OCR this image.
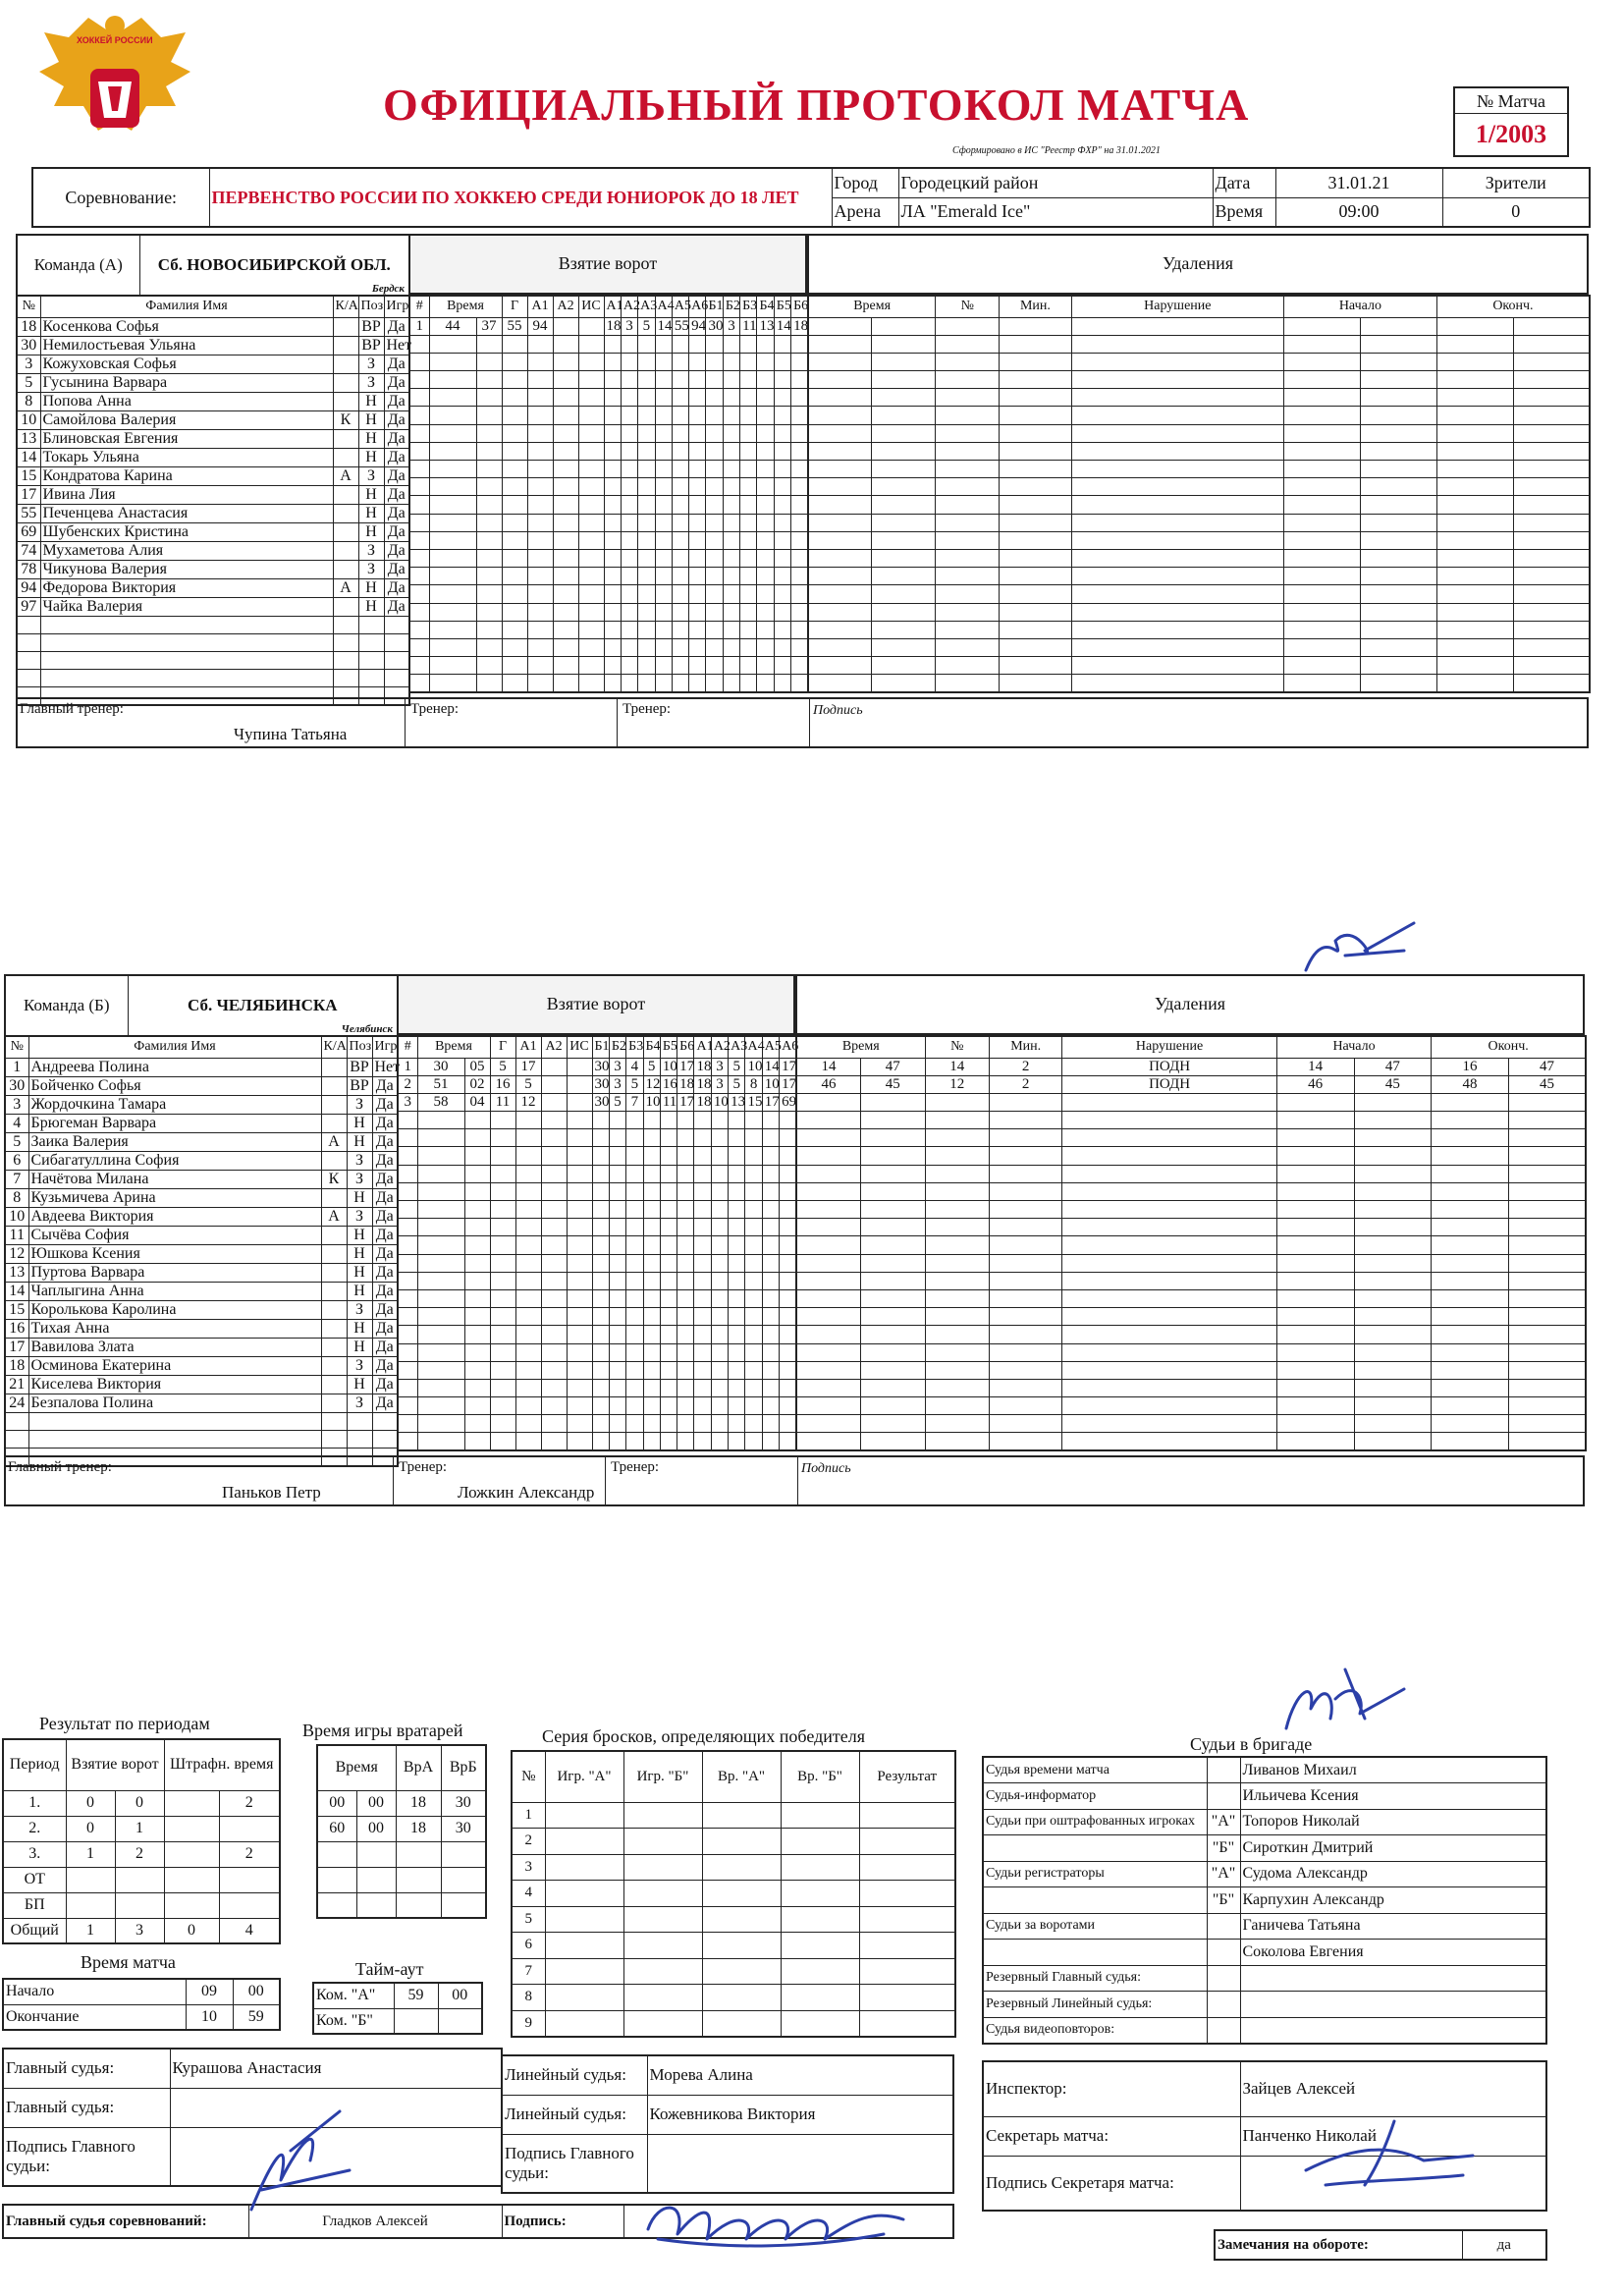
ХОККЕЙ РОССИИ
ОФИЦИАЛЬНЫЙ ПРОТОКОЛ МАТЧА
Сформировано в ИС "Реестр ФХР" на 31.01.2021
№ Матча
1/2003
Соревнование:	ПЕРВЕНСТВО РОССИИ ПО ХОККЕЮ СРЕДИ ЮНИОРОК ДО 18 ЛЕТ	Город	Городецкий район	Дата	31.01.21	Зрители
		Арена	ЛА "Emerald Ice"	Время	09:00	0
Команда (А)	Сб. НОВОСИБИРСКОЙ ОБЛ.
Бердск
Взятие ворот	Удаления
№	Фамилия Имя	К/А	Поз	Игр
18	Косенкова Софья		ВР	Да
30	Немилостьевая Ульяна		ВР	Нет
3	Кожуховская Софья		З	Да
5	Гусынина Варвара		З	Да
8	Попова Анна		Н	Да
10	Самойлова Валерия	К	Н	Да
13	Блиновская Евгения		Н	Да
14	Токарь Ульяна		Н	Да
15	Кондратова Карина	А	З	Да
17	Ивина Лия		Н	Да
55	Печенцева Анастасия		Н	Да
69	Шубенских Кристина		Н	Да
74	Мухаметова Алия		З	Да
78	Чикунова Валерия		З	Да
94	Федорова Виктория	А	Н	Да
97	Чайка Валерия		Н	Да

#	Время		Г	А1	А2	ИС	А1	А2	А3	А4	А5	А6	Б1	Б2	Б3	Б4	Б5	Б6
1	44	37	55	94			18	3	5	14	55	94	30	3	11	13	14	18

Время		№	Мин.	Нарушение	Начало		Оконч.	

Главный тренер:
Чупина Татьяна
Тренер:	Тренер:	Подпись
Команда (Б)	Сб. ЧЕЛЯБИНСКА
Челябинск
Взятие ворот	Удаления
№	Фамилия Имя	К/А	Поз	Игр
1	Андреева Полина		ВР	Нет
30	Бойченко Софья		ВР	Да
3	Жордочкина Тамара		З	Да
4	Брюгеман Варвара		Н	Да
5	Заика Валерия	А	Н	Да
6	Сибагатуллина София		З	Да
7	Начётова Милана	К	З	Да
8	Кузьмичева Арина		Н	Да
10	Авдеева Виктория	А	З	Да
11	Сычёва София		Н	Да
12	Юшкова Ксения		Н	Да
13	Пуртова Варвара		Н	Да
14	Чаплыгина Анна		Н	Да
15	Королькова Каролина		З	Да
16	Тихая Анна		Н	Да
17	Вавилова Злата		Н	Да
18	Осминова Екатерина		З	Да
21	Киселева Виктория		Н	Да
24	Безпалова Полина		З	Да

#	Время		Г	А1	А2	ИС	Б1	Б2	Б3	Б4	Б5	Б6	А1	А2	А3	А4	А5	А6
1	30	05	5	17			30	3	4	5	10	17	18	3	5	10	14	17
2	51	02	16	5			30	3	5	12	16	18	18	3	5	8	10	17
3	58	04	11	12			30	5	7	10	11	17	18	10	13	15	17	69

Время		№	Мин.	Нарушение	Начало		Оконч.	
14	47	14	2	ПОДН	14	47	16	47
46	45	12	2	ПОДН	46	45	48	45

Главный тренер:
Паньков Петр
Тренер:
Ложкин Александр
Тренер:	Подпись
Результат по периодам
Период	Взятие ворот		Штрафн. время	
1.	0	0		2
2.	0	1		
3.	1	2		2
ОТ				
БП				
Общий	1	3	0	4
Время матча
Начало	09	00
Окончание	10	59
Время игры вратарей
Время		ВрА	ВрБ
00	00	18	30
60	00	18	30

Тайм-аут
Ком. "А"	59	00
Ком. "Б"		
Серия бросков, определяющих победителя
№	Игр. "А"	Игр. "Б"	Вр. "А"	Вр. "Б"	Результат
1					
2					
3					
4					
5					
6					
7					
8					
9					
Судьи в бригаде
Судья времени матча		Ливанов Михаил
Судья-информатор		Ильичева Ксения
Судьи при оштрафованных игроках	"А"	Топоров Николай
	"Б"	Сироткин Дмитрий
Судьи регистраторы	"А"	Судома Александр
	"Б"	Карпухин Александр
Судьи за воротами		Ганичева Татьяна
		Соколова Евгения
Резервный Главный судья:		
Резервный Линейный судья:		
Судья видеоповторов:		
Главный судья:	Курашова Анастасия
Главный судья:	
Подпись Главного судьи:	
Линейный судья:	Морева Алина
Линейный судья:	Кожевникова Виктория
Подпись Главного судьи:	
Инспектор:	Зайцев Алексей
Секретарь матча:	Панченко Николай
Подпись Секретаря матча:	
Главный судья соревнований:	Гладков Алексей	Подпись:	
Замечания на обороте:	да
